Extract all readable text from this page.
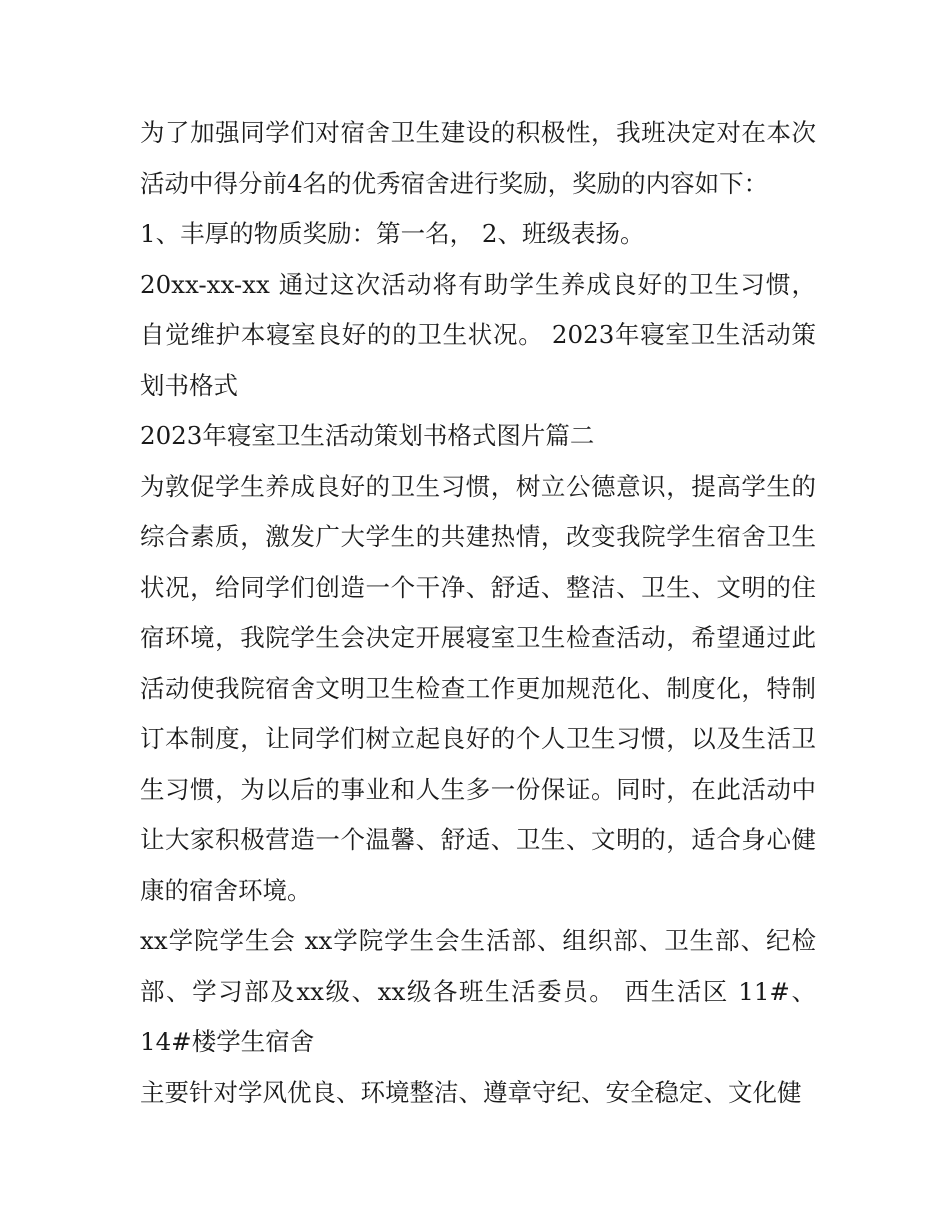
为了加强同学们对宿舍卫生建设的积极性，我班决定对在本次活动中得分前4名的优秀宿舍进行奖励，奖励的内容如下：

1、丰厚的物质奖励：第一名， 2、班级表扬。

20xx-xx-xx 通过这次活动将有助学生养成良好的卫生习惯，自觉维护本寝室良好的的卫生状况。 2023年寝室卫生活动策划书格式

2023年寝室卫生活动策划书格式图片篇二

为敦促学生养成良好的卫生习惯，树立公德意识，提高学生的综合素质，激发广大学生的共建热情，改变我院学生宿舍卫生状况，给同学们创造一个干净、舒适、整洁、卫生、文明的住宿环境，我院学生会决定开展寝室卫生检查活动，希望通过此活动使我院宿舍文明卫生检查工作更加规范化、制度化，特制订本制度，让同学们树立起良好的个人卫生习惯，以及生活卫生习惯，为以后的事业和人生多一份保证。同时，在此活动中让大家积极营造一个温馨、舒适、卫生、文明的，适合身心健康的宿舍环境。

xx学院学生会 xx学院学生会生活部、组织部、卫生部、纪检部、学习部及xx级、xx级各班生活委员。 西生活区 11#、14#楼学生宿舍

主要针对学风优良、环境整洁、遵章守纪、安全稳定、文化健
